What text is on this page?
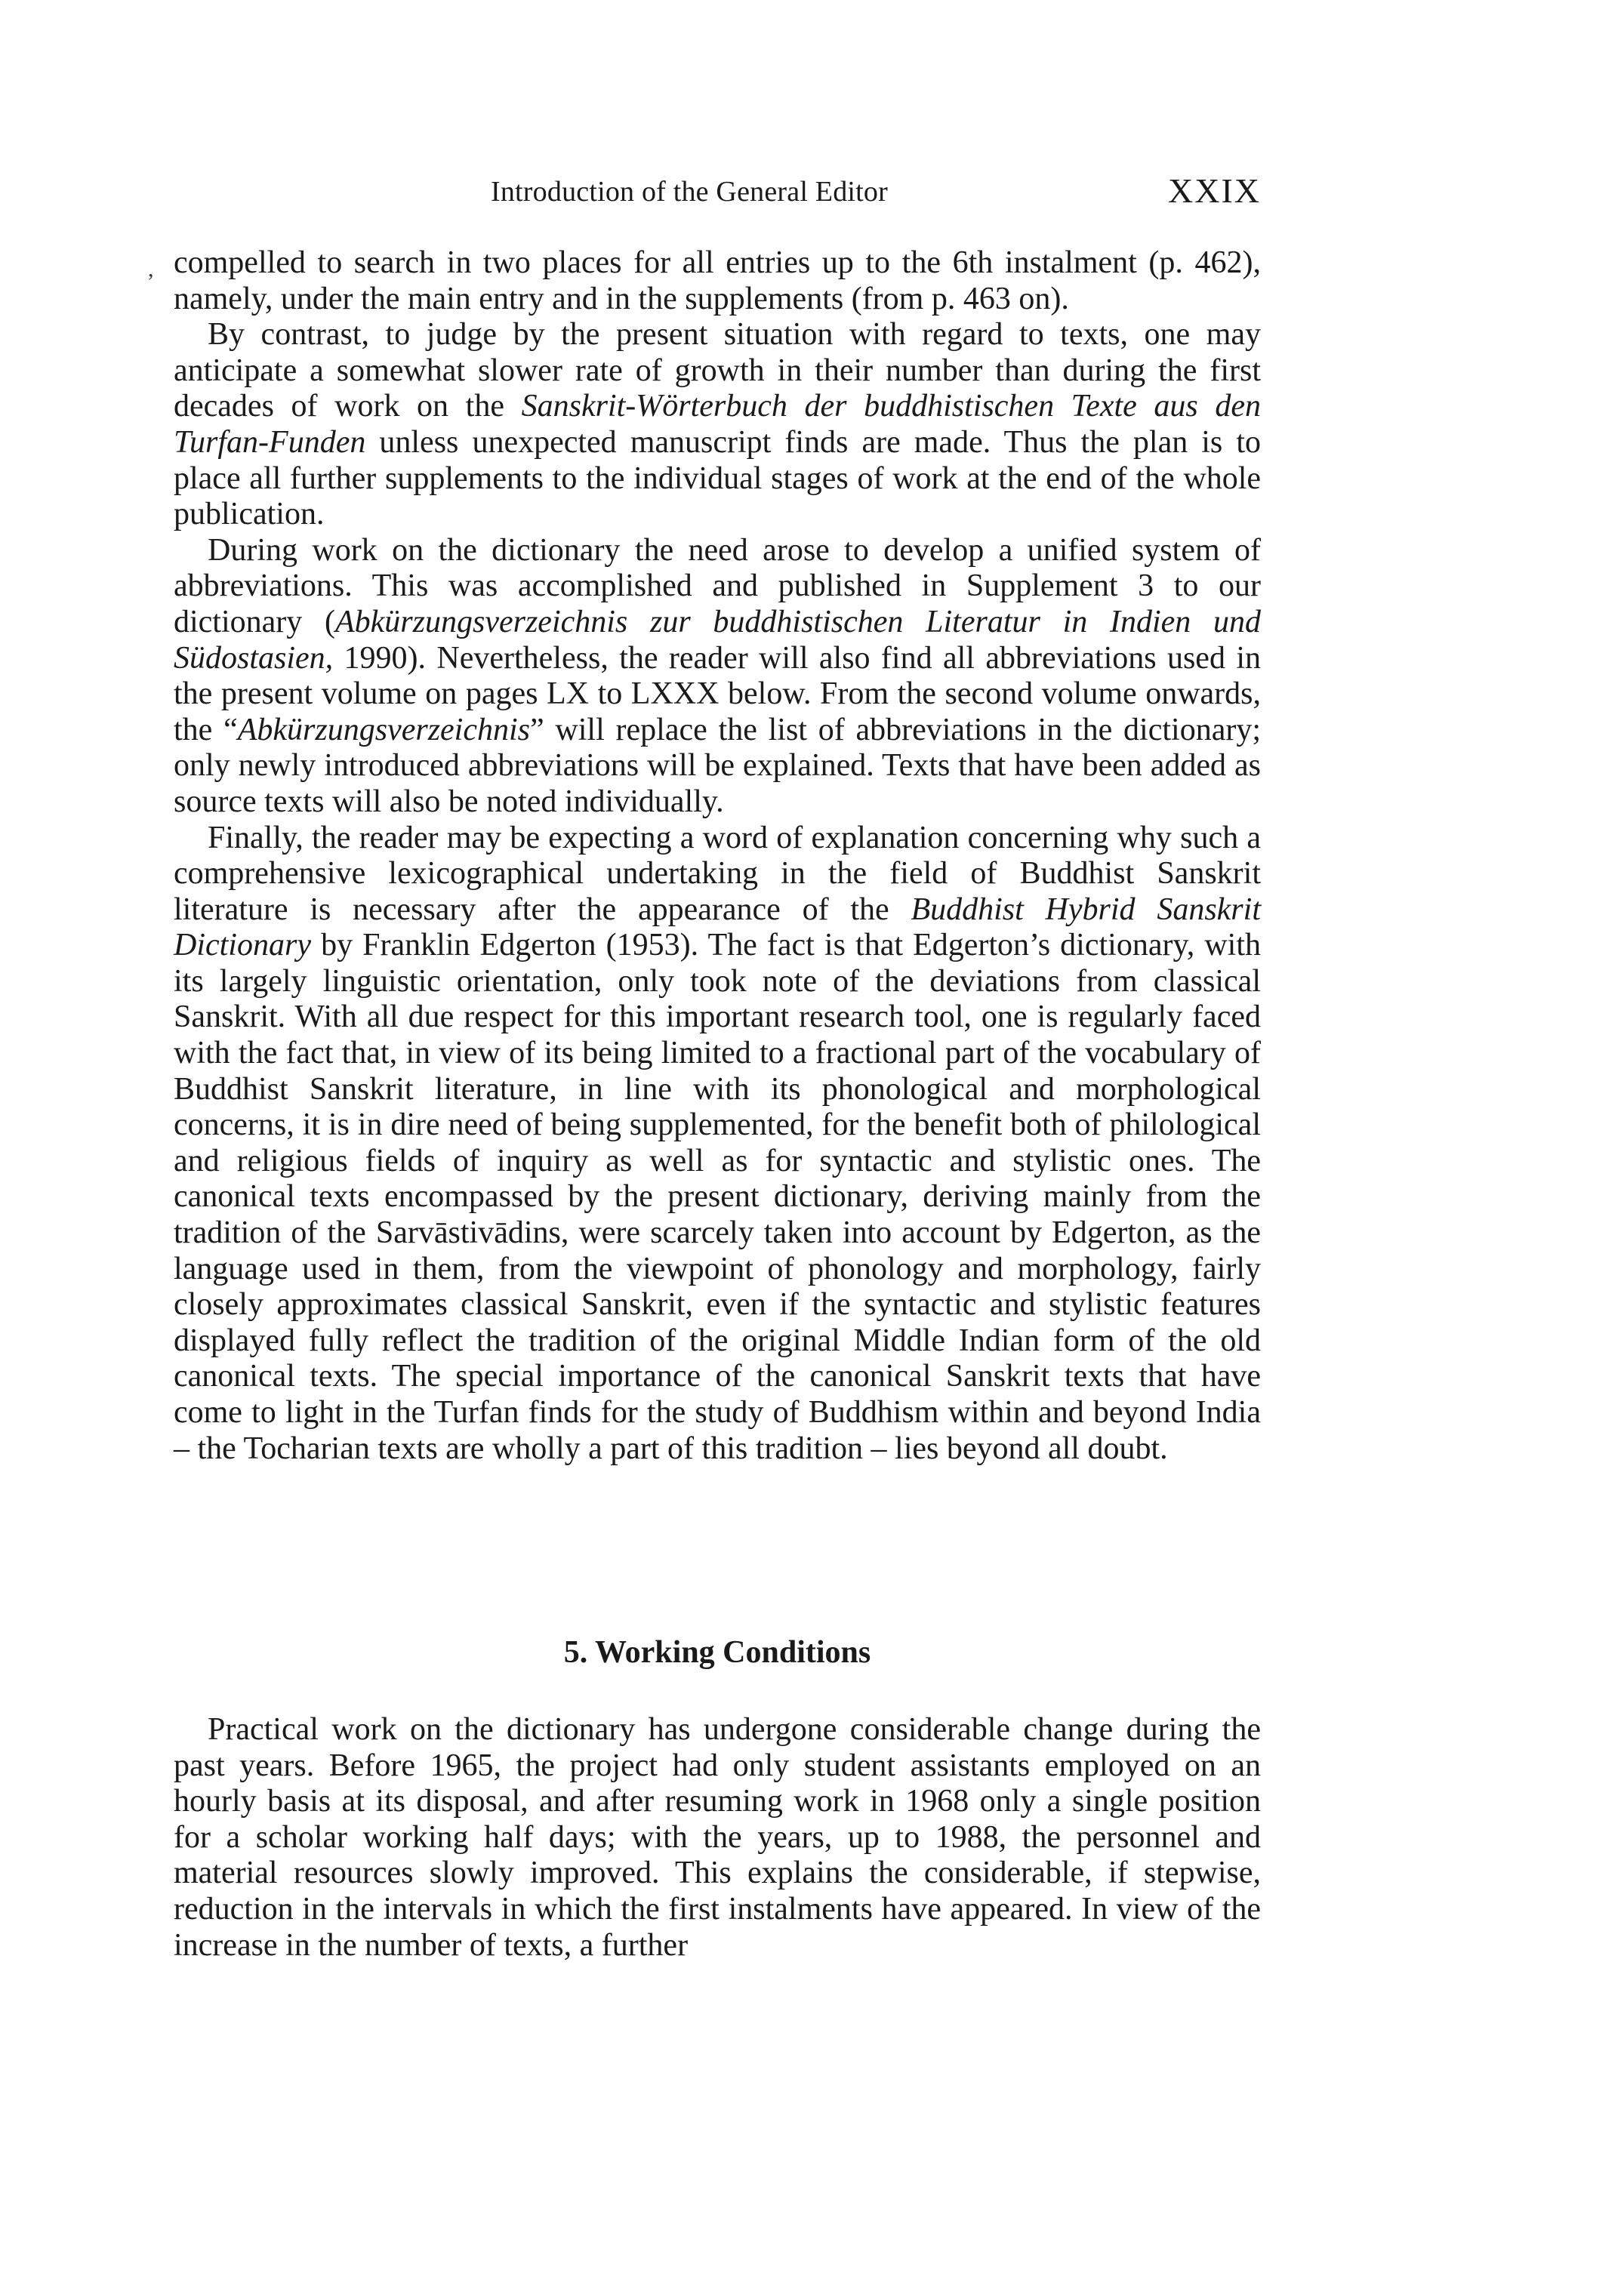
Introduction of the General Editor	XXIX
, compelled to search in two places for all entries up to the 6th instalment (p. 462), namely, under the main entry and in the supplements (from p. 463 on).

By contrast, to judge by the present situation with regard to texts, one may anticipate a somewhat slower rate of growth in their number than during the first decades of work on the Sanskrit-Wörterbuch der buddhistischen Texte aus den Turfan-Funden unless unexpected manuscript finds are made. Thus the plan is to place all further supplements to the individual stages of work at the end of the whole publication.

During work on the dictionary the need arose to develop a unified system of abbreviations. This was accomplished and published in Supplement 3 to our dictionary (Abkürzungsverzeichnis zur buddhistischen Literatur in Indien und Südostasien, 1990). Nevertheless, the reader will also find all abbreviations used in the present volume on pages LX to LXXX below. From the second volume onwards, the “Abkürzungsverzeichnis” will replace the list of abbreviations in the dictionary; only newly introduced abbreviations will be explained. Texts that have been added as source texts will also be noted individually.

Finally, the reader may be expecting a word of explanation concerning why such a comprehensive lexicographical undertaking in the field of Buddhist Sanskrit literature is necessary after the appearance of the Buddhist Hybrid Sanskrit Dictionary by Franklin Edgerton (1953). The fact is that Edgerton’s dictionary, with its largely linguistic orientation, only took note of the deviations from classical Sanskrit. With all due respect for this important research tool, one is regularly faced with the fact that, in view of its being limited to a fractional part of the vocabulary of Buddhist Sanskrit literature, in line with its phonological and morphological concerns, it is in dire need of being supplemented, for the benefit both of philological and religious fields of inquiry as well as for syntactic and stylistic ones. The canonical texts encompassed by the present dictionary, deriving mainly from the tradition of the Sarvāstivādins, were scarcely taken into account by Edgerton, as the language used in them, from the viewpoint of phonology and morphology, fairly closely approximates classical Sanskrit, even if the syntactic and stylistic features displayed fully reflect the tradition of the original Middle Indian form of the old canonical texts. The special importance of the canonical Sanskrit texts that have come to light in the Turfan finds for the study of Buddhism within and beyond India – the Tocharian texts are wholly a part of this tradition – lies beyond all doubt.

5. Working Conditions

Practical work on the dictionary has undergone considerable change during the past years. Before 1965, the project had only student assistants employed on an hourly basis at its disposal, and after resuming work in 1968 only a single position for a scholar working half days; with the years, up to 1988, the personnel and material resources slowly improved. This explains the considerable, if stepwise, reduction in the intervals in which the first instalments have appeared. In view of the increase in the number of texts, a further
